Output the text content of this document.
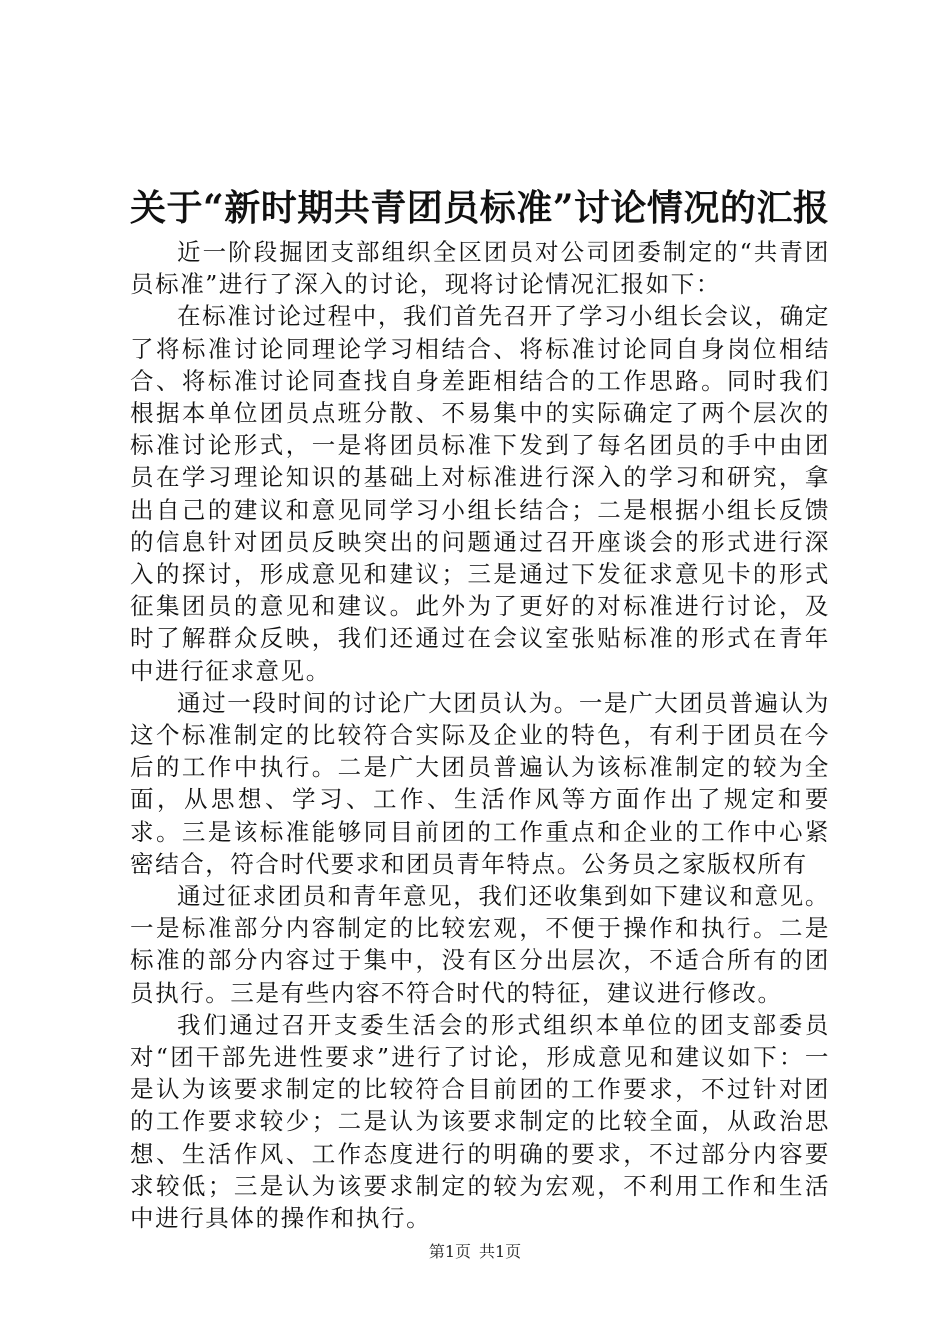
关于“新时期共青团员标准”讨论情况的汇报

近一阶段掘团支部组织全区团员对公司团委制定的“共青团员标准”进行了深入的讨论，现将讨论情况汇报如下：

在标准讨论过程中，我们首先召开了学习小组长会议，确定了将标准讨论同理论学习相结合、将标准讨论同自身岗位相结合、将标准讨论同查找自身差距相结合的工作思路。同时我们根据本单位团员点班分散、不易集中的实际确定了两个层次的标准讨论形式，一是将团员标准下发到了每名团员的手中由团员在学习理论知识的基础上对标准进行深入的学习和研究，拿出自己的建议和意见同学习小组长结合；二是根据小组长反馈的信息针对团员反映突出的问题通过召开座谈会的形式进行深入的探讨，形成意见和建议；三是通过下发征求意见卡的形式征集团员的意见和建议。此外为了更好的对标准进行讨论，及时了解群众反映，我们还通过在会议室张贴标准的形式在青年中进行征求意见。

通过一段时间的讨论广大团员认为。一是广大团员普遍认为这个标准制定的比较符合实际及企业的特色，有利于团员在今后的工作中执行。二是广大团员普遍认为该标准制定的较为全面，从思想、学习、工作、生活作风等方面作出了规定和要求。三是该标准能够同目前团的工作重点和企业的工作中心紧密结合，符合时代要求和团员青年特点。公务员之家版权所有

通过征求团员和青年意见，我们还收集到如下建议和意见。一是标准部分内容制定的比较宏观，不便于操作和执行。二是标准的部分内容过于集中，没有区分出层次，不适合所有的团员执行。三是有些内容不符合时代的特征，建议进行修改。

我们通过召开支委生活会的形式组织本单位的团支部委员对“团干部先进性要求”进行了讨论，形成意见和建议如下：一是认为该要求制定的比较符合目前团的工作要求，不过针对团的工作要求较少；二是认为该要求制定的比较全面，从政治思想、生活作风、工作态度进行的明确的要求，不过部分内容要求较低；三是认为该要求制定的较为宏观，不利用工作和生活中进行具体的操作和执行。

第1页 共1页
